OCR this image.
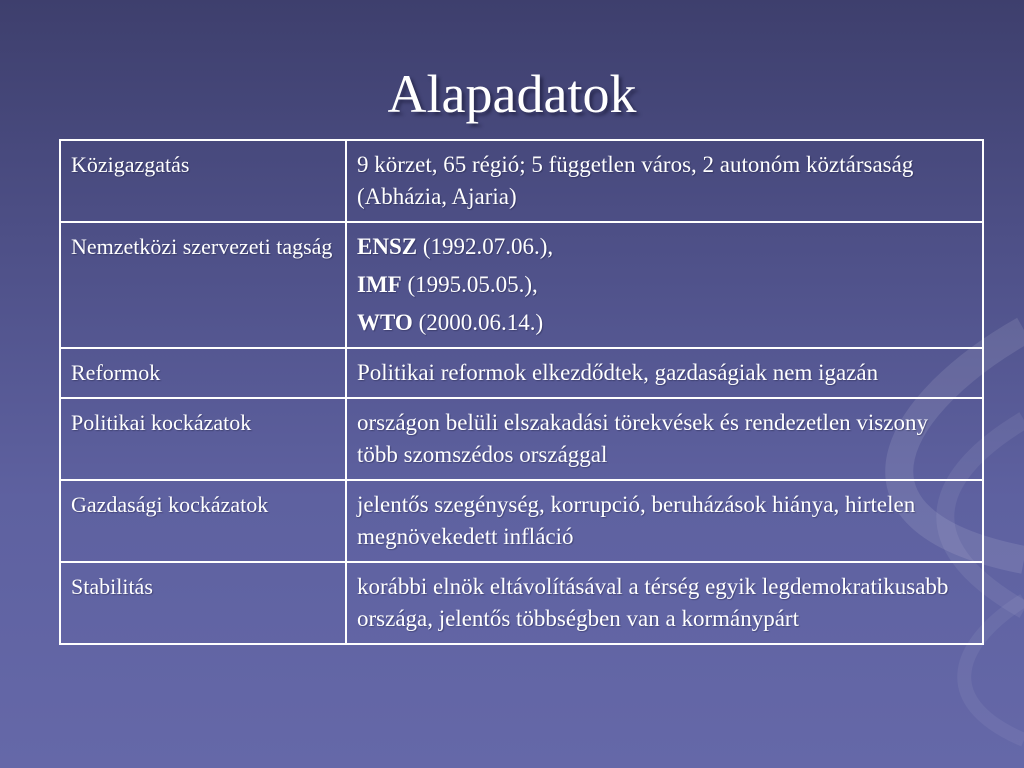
Alapadatok
Közigazgatás	9 körzet, 65 régió; 5 független város, 2 autonóm köztársaság (Abházia, Ajaria)
Nemzetközi szervezeti tagság	ENSZ (1992.07.06.),

IMF (1995.05.05.),

WTO (2000.06.14.)

Reformok	Politikai reformok elkezdődtek, gazdaságiak nem igazán
Politikai kockázatok	országon belüli elszakadási törekvések és rendezetlen viszony több szomszédos országgal
Gazdasági kockázatok	jelentős szegénység, korrupció, beruházások hiánya, hirtelen megnövekedett infláció
Stabilitás	korábbi elnök eltávolításával a térség egyik legdemokratikusabb országa, jelentős többségben van a kormánypárt
